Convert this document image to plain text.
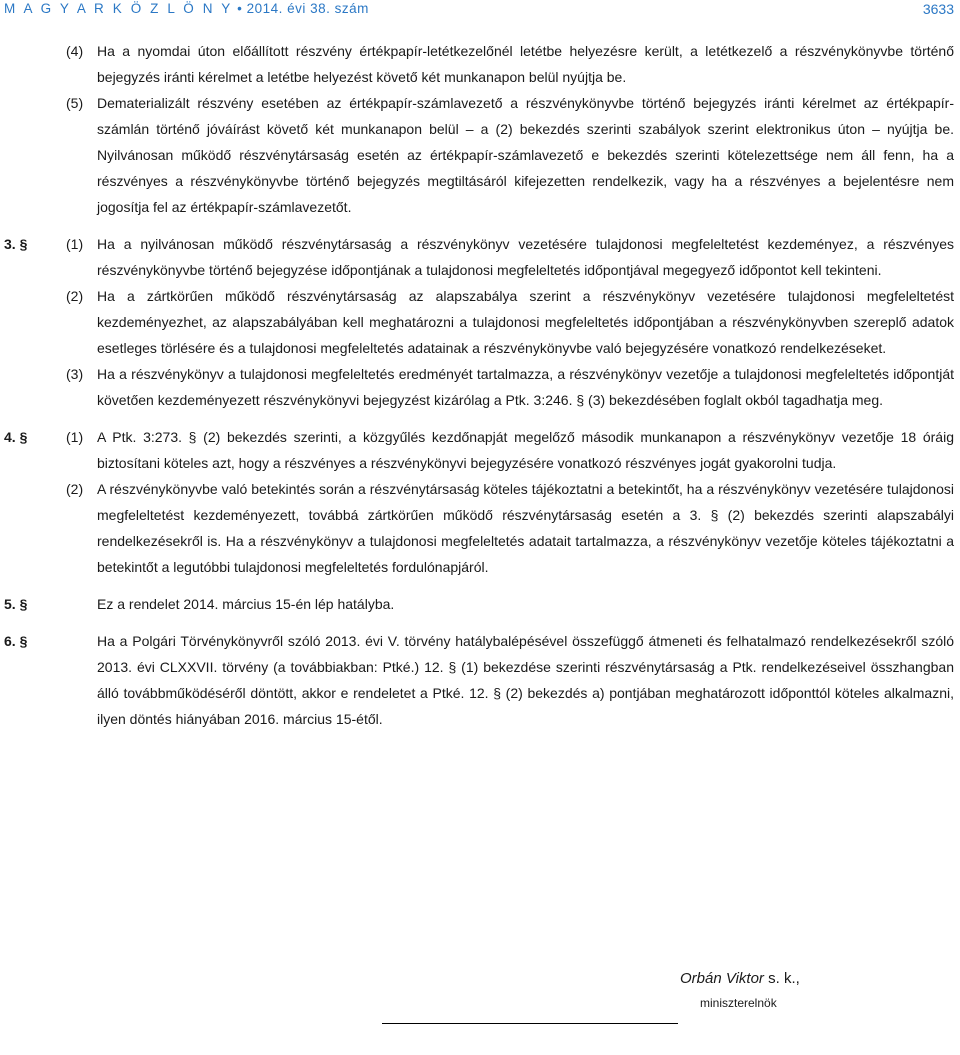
M A G Y A R K Ö Z L Ö N Y • 2014. évi 38. szám	3633
(4) Ha a nyomdai úton előállított részvény értékpapír-letétkezelőnél letétbe helyezésre került, a letétkezelő a részvénykönyvbe történő bejegyzés iránti kérelmet a letétbe helyezést követő két munkanapon belül nyújtja be.
(5) Dematerializált részvény esetében az értékpapír-számlavezető a részvénykönyvbe történő bejegyzés iránti kérelmet az értékpapír-számlán történő jóváírást követő két munkanapon belül – a (2) bekezdés szerinti szabályok szerint elektronikus úton – nyújtja be. Nyilvánosan működő részvénytársaság esetén az értékpapír-számlavezető e bekezdés szerinti kötelezettsége nem áll fenn, ha a részvényes a részvénykönyvbe történő bejegyzés megtiltásáról kifejezetten rendelkezik, vagy ha a részvényes a bejelentésre nem jogosítja fel az értékpapír-számlavezetőt.
3. §	(1) Ha a nyilvánosan működő részvénytársaság a részvénykönyv vezetésére tulajdonosi megfeleltetést kezdeményez, a részvényes részvénykönyvbe történő bejegyzése időpontjának a tulajdonosi megfeleltetés időpontjával megegyező időpontot kell tekinteni.
(2) Ha a zártkörűen működő részvénytársaság az alapszabálya szerint a részvénykönyv vezetésére tulajdonosi megfeleltetést kezdeményezhet, az alapszabályában kell meghatározni a tulajdonosi megfeleltetés időpontjában a részvénykönyvben szereplő adatok esetleges törlésére és a tulajdonosi megfeleltetés adatainak a részvénykönyvbe való bejegyzésére vonatkozó rendelkezéseket.
(3) Ha a részvénykönyv a tulajdonosi megfeleltetés eredményét tartalmazza, a részvénykönyv vezetője a tulajdonosi megfeleltetés időpontját követően kezdeményezett részvénykönyvi bejegyzést kizárólag a Ptk. 3:246. § (3) bekezdésében foglalt okból tagadhatja meg.
4. §	(1) A Ptk. 3:273. § (2) bekezdés szerinti, a közgyűlés kezdőnapját megelőző második munkanapon a részvénykönyv vezetője 18 óráig biztosítani köteles azt, hogy a részvényes a részvénykönyvi bejegyzésére vonatkozó részvényes jogát gyakorolni tudja.
(2) A részvénykönyvbe való betekintés során a részvénytársaság köteles tájékoztatni a betekintőt, ha a részvénykönyv vezetésére tulajdonosi megfeleltetést kezdeményezett, továbbá zártkörűen működő részvénytársaság esetén a 3. § (2) bekezdés szerinti alapszabályi rendelkezésekről is. Ha a részvénykönyv a tulajdonosi megfeleltetés adatait tartalmazza, a részvénykönyv vezetője köteles tájékoztatni a betekintőt a legutóbbi tulajdonosi megfeleltetés fordulónapjáról.
5. §	Ez a rendelet 2014. március 15-én lép hatályba.
6. §	Ha a Polgári Törvénykönyvről szóló 2013. évi V. törvény hatálybalépésével összefüggő átmeneti és felhatalmazó rendelkezésekről szóló 2013. évi CLXXVII. törvény (a továbbiakban: Ptké.) 12. § (1) bekezdése szerinti részvénytársaság a Ptk. rendelkezéseivel összhangban álló továbbműködéséről döntött, akkor e rendeletet a Ptké. 12. § (2) bekezdés a) pontjában meghatározott időponttól köteles alkalmazni, ilyen döntés hiányában 2016. március 15-étől.
Orbán Viktor s. k.,
miniszterelnök
